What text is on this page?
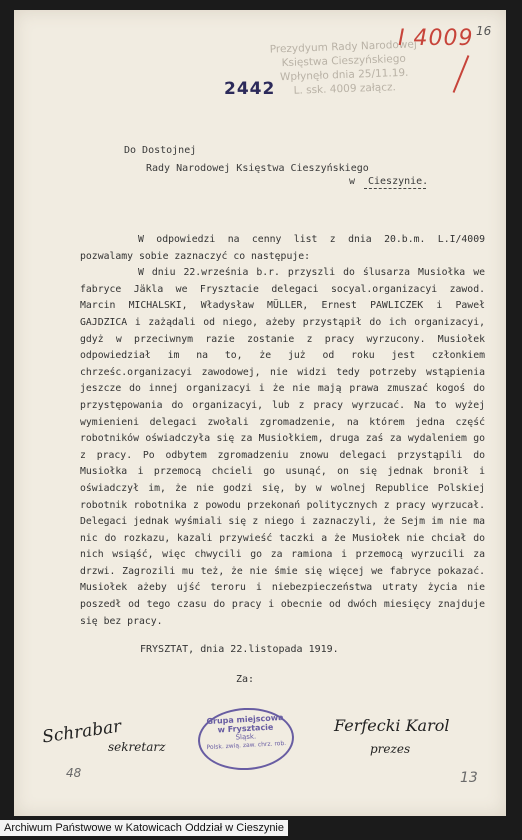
Prezydyum Rady Narodowej
Księstwa Cieszyńskiego
Wpłynęło dnia 25/11.19.
L. ssk. 4009 załącz.
I 4009 16
2442
Do Dostojnej
Rady Narodowej Księstwa Cieszyńskiego
w Cieszynie.

W odpowiedzi na cenny list z dnia 20.b.m. L.I/4009 pozwalamy sobie zaznaczyć co następuje:

W dniu 22.września b.r. przyszli do ślusarza Musiołka we fabryce Jäkla we Frysztacie delegaci socyal.organizacyi zawod. Marcin MICHALSKI, Władysław MÜLLER, Ernest PAWLICZEK i Paweł GAJDZICA i zażądali od niego, ażeby przystąpił do ich organizacyi, gdyż w przeciwnym razie zostanie z pracy wyrzucony. Musiołek odpowiedział im na to, że już od roku jest członkiem chrześc.organizacyi zawodowej, nie widzi tedy potrzeby wstąpienia jeszcze do innej organizacyi i że nie mają prawa zmuszać kogoś do przystępowania do organizacyi, lub z pracy wyrzucać. Na to wyżej wymienieni delegaci zwołali zgromadzenie, na którem jedna część robotników oświadczyła się za Musiołkiem, druga zaś za wydaleniem go z pracy. Po odbytem zgromadzeniu znowu delegaci przystąpili do Musiołka i przemocą chcieli go usunąć, on się jednak bronił i oświadczył im, że nie godzi się, by w wolnej Republice Polskiej robotnik robotnika z powodu przekonań politycznych z pracy wyrzucał. Delegaci jednak wyśmiali się z niego i zaznaczyli, że Sejm im nie ma nic do rozkazu, kazali przywieść taczki a że Musiołek nie chciał do nich wsiąść, więc chwycili go za ramiona i przemocą wyrzucili za drzwi. Zagrozili mu też, że nie śmie się więcej we fabryce pokazać. Musiołek ażeby ujść teroru i niebezpieczeństwa utraty życia nie poszedł od tego czasu do pracy i obecnie od dwóch miesięcy znajduje się bez pracy.

FRYSZTAT, dnia 22.listopada 1919.
Za:
Schrabar
sekretarz
Grupa miejscowa
w Frysztacie
Śląsk.
Polsk. zwią. zaw. chrz. rob.
Ferfecki Karol
prezes
48	13
Archiwum Państwowe w Katowicach Oddział w Cieszynie
